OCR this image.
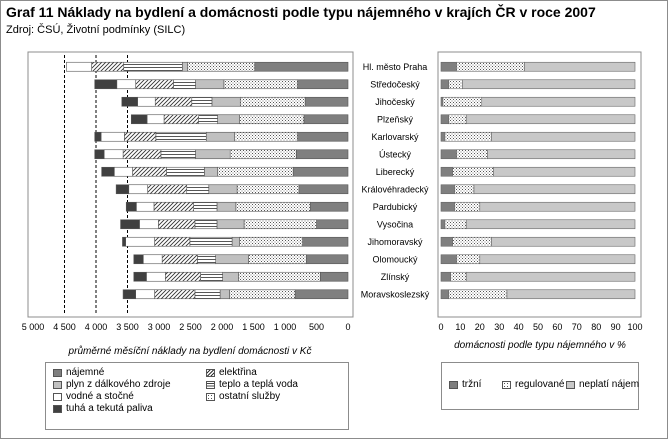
Graf 11 Náklady na bydlení a domácnosti podle typu nájemného v krajích ČR v roce 2007
Zdroj: ČSÚ, Životní podmínky (SILC)
5 000 4 500 4 000 3 500 3 000 2 500 2 000 1 500 1 000 500 0
průměrné měsíční náklady na bydlení domácnosti v Kč
Hl. město Praha
Středočeský
Jihočeský
Plzeňský
Karlovarský
Ústecký
Liberecký
Královéhradecký
Pardubický
Vysočina
Jihomoravský
Olomoucký
Zlínský
Moravskoslezský
0 10 20 30 40 50 60 70 80 90 100
domácnosti podle typu nájemného v %
nájemné
plyn z dálkového zdroje
vodné a stočné
tuhá a tekutá paliva
elektřina
teplo a teplá voda
ostatní služby
tržní	regulované neplatí nájem
